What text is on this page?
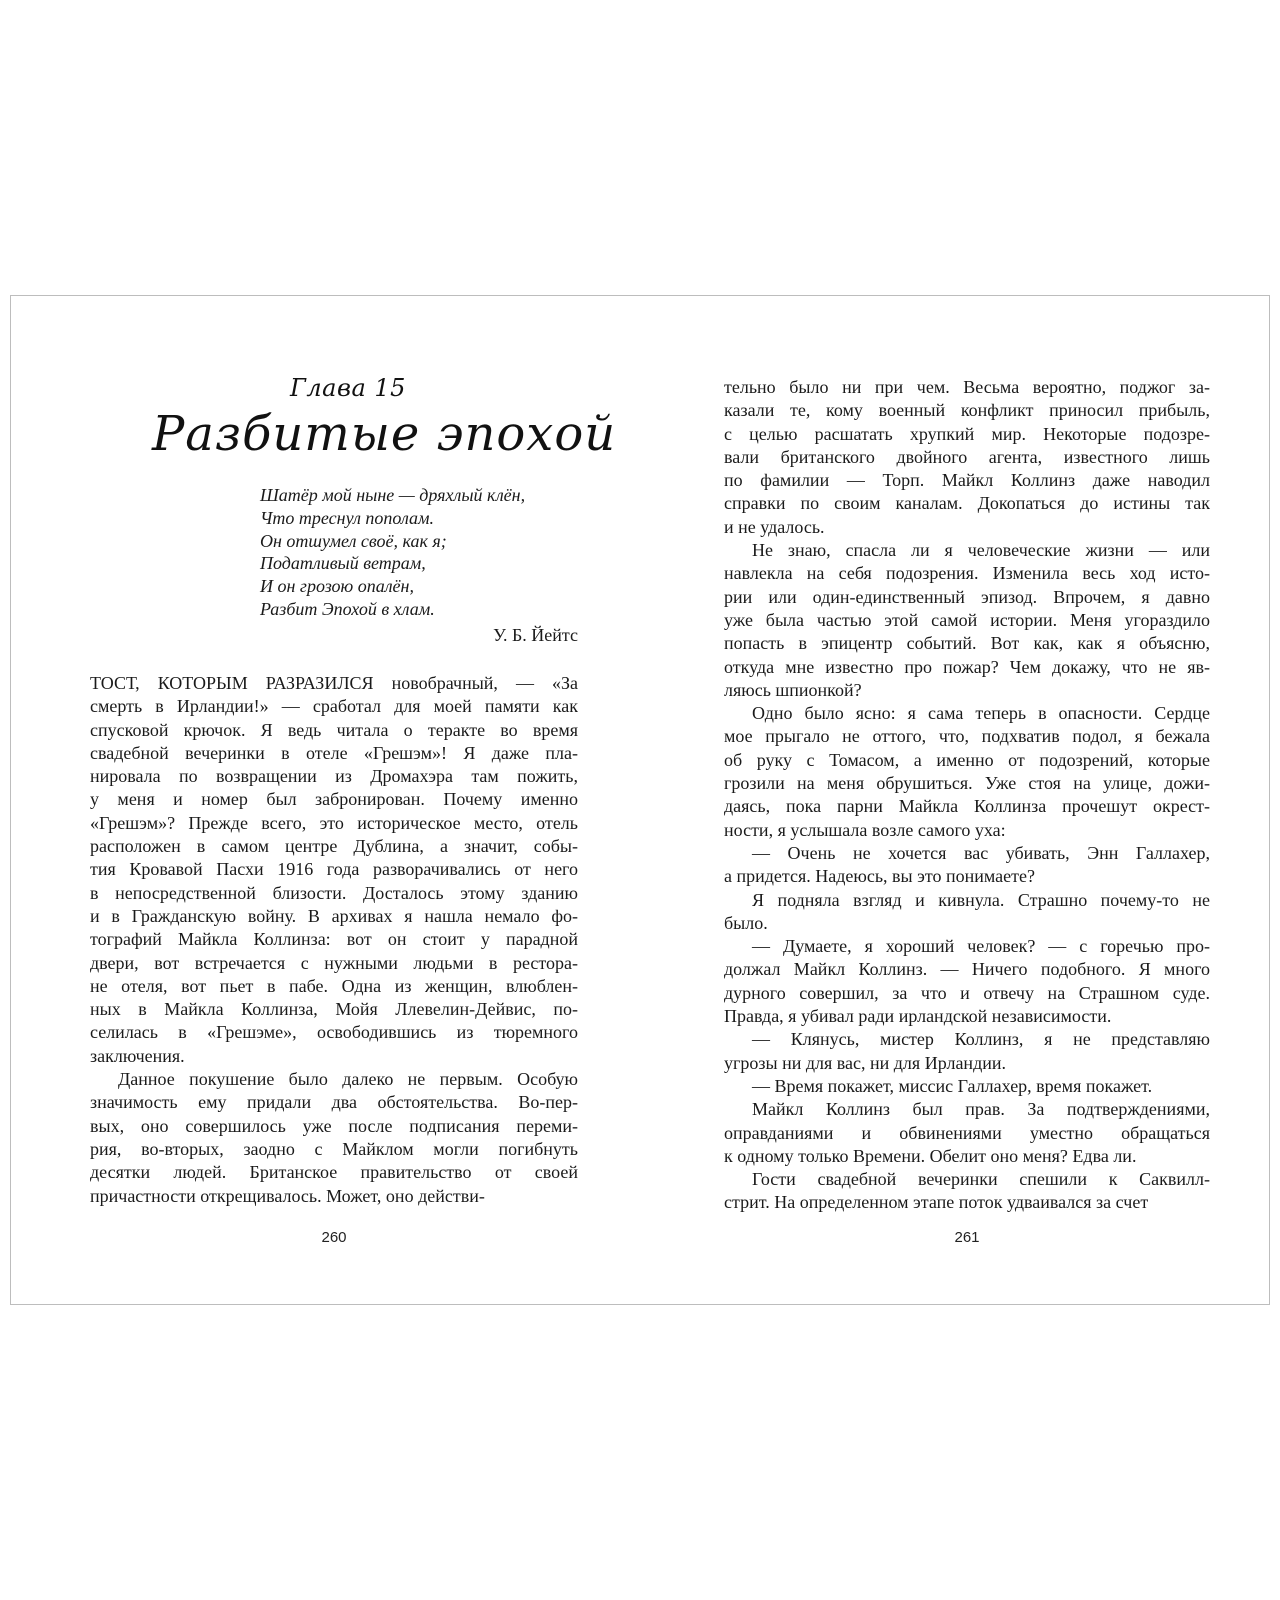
Глава 15
Разбитые эпохой
Шатёр мой ныне — дряхлый клён,
Что треснул пополам.
Он отшумел своё, как я;
Податливый ветрам,
И он грозою опалён,
Разбит Эпохой в хлам.
У. Б. Йейтс

ТОСТ, КОТОРЫМ РАЗРАЗИЛСЯ новобрачный, — «За
смерть в Ирландии!» — сработал для моей памяти как
спусковой крючок. Я ведь читала о теракте во время
свадебной вечеринки в отеле «Грешэм»! Я даже пла-
нировала по возвращении из Дромахэра там пожить,
у меня и номер был забронирован. Почему именно
«Грешэм»? Прежде всего, это историческое место, отель
расположен в самом центре Дублина, а значит, собы-
тия Кровавой Пасхи 1916 года разворачивались от него
в непосредственной близости. Досталось этому зданию
и в Гражданскую войну. В архивах я нашла немало фо-
тографий Майкла Коллинза: вот он стоит у парадной
двери, вот встречается с нужными людьми в рестора-
не отеля, вот пьет в пабе. Одна из женщин, влюблен-
ных в Майкла Коллинза, Мойя Ллевелин-Дейвис, по-
селилась в «Грешэме», освободившись из тюремного
заключения.

Данное покушение было далеко не первым. Особую
значимость ему придали два обстоятельства. Во-пер-
вых, оно совершилось уже после подписания переми-
рия, во-вторых, заодно с Майклом могли погибнуть
десятки людей. Британское правительство от своей
причастности открещивалось. Может, оно действи-

260

тельно было ни при чем. Весьма вероятно, поджог за-
казали те, кому военный конфликт приносил прибыль,
с целью расшатать хрупкий мир. Некоторые подозре-
вали британского двойного агента, известного лишь
по фамилии — Торп. Майкл Коллинз даже наводил
справки по своим каналам. Докопаться до истины так
и не удалось.

Не знаю, спасла ли я человеческие жизни — или
навлекла на себя подозрения. Изменила весь ход исто-
рии или один-единственный эпизод. Впрочем, я давно
уже была частью этой самой истории. Меня угораздило
попасть в эпицентр событий. Вот как, как я объясню,
откуда мне известно про пожар? Чем докажу, что не яв-
ляюсь шпионкой?

Одно было ясно: я сама теперь в опасности. Сердце
мое прыгало не оттого, что, подхватив подол, я бежала
об руку с Томасом, а именно от подозрений, которые
грозили на меня обрушиться. Уже стоя на улице, дожи-
даясь, пока парни Майкла Коллинза прочешут окрест-
ности, я услышала возле самого уха:

— Очень не хочется вас убивать, Энн Галлахер,
а придется. Надеюсь, вы это понимаете?

Я подняла взгляд и кивнула. Страшно почему-то не
было.

— Думаете, я хороший человек? — с горечью про-
должал Майкл Коллинз. — Ничего подобного. Я много
дурного совершил, за что и отвечу на Страшном суде.
Правда, я убивал ради ирландской независимости.

— Клянусь, мистер Коллинз, я не представляю
угрозы ни для вас, ни для Ирландии.

— Время покажет, миссис Галлахер, время покажет.

Майкл Коллинз был прав. За подтверждениями,
оправданиями и обвинениями уместно обращаться
к одному только Времени. Обелит оно меня? Едва ли.

Гости свадебной вечеринки спешили к Саквилл-
стрит. На определенном этапе поток удваивался за счет

261
